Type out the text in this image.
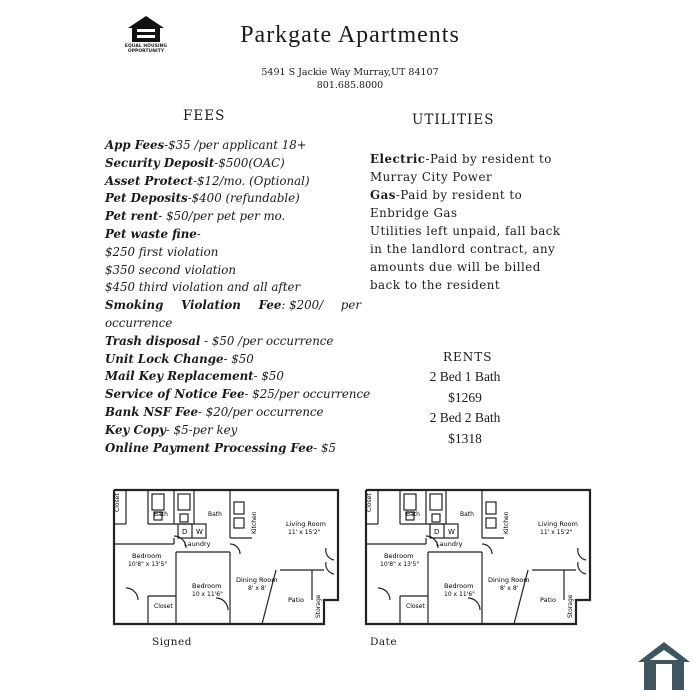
EQUAL HOUSING
OPPORTUNITY
Parkgate Apartments
5491 S Jackie Way Murray,UT 84107
801.685.8000
FEES	UTILITIES
App Fees-$35 /per applicant 18+
Security Deposit-$500(OAC)
Asset Protect-$12/mo. (Optional)
Pet Deposits-$400 (refundable)
Pet rent- $50/per pet per mo.
Pet waste fine-
$250 first violation
$350 second violation
$450 third violation and all after
Smoking Violation Fee: $200/ per
occurrence
Trash disposal - $50 /per occurrence
Unit Lock Change- $50
Mail Key Replacement- $50
Service of Notice Fee- $25/per occurrence
Bank NSF Fee- $20/per occurrence
Key Copy- $5-per key
Online Payment Processing Fee- $5
Electric-Paid by resident to Murray City Power
Gas-Paid by resident to Enbridge Gas
Utilities left unpaid, fall back in the landlord contract, any amounts due will be billed back to the resident
RENTS
2 Bed 1 Bath
$1269
2 Bed 2 Bath
$1318
Closet
Bath	Bath
D W	Kitchen	Living Room
11' x 15'2"
Laundry
Bedroom
10'8" x 13'5"
Bedroom
10 x 11'6"
Dining Room
8' x 8'
Patio
Closet	Storage
Closet
Bath	Bath
D W	Kitchen	Living Room
11' x 15'2"
Laundry
Bedroom
10'8" x 13'5"
Bedroom
10 x 11'6"
Dining Room
8' x 8'
Patio
Closet	Storage
Signed	Date
